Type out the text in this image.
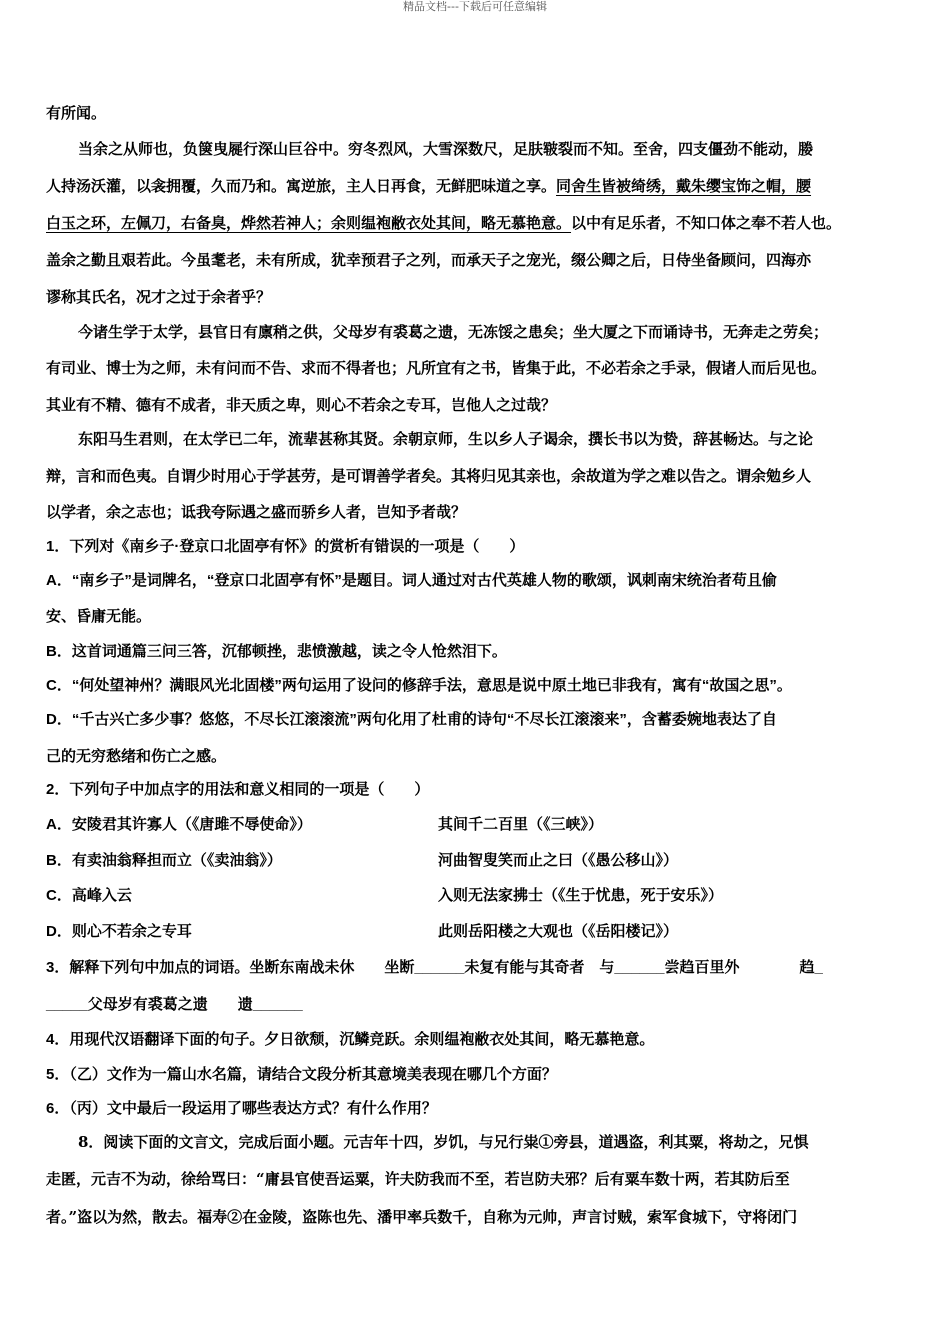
精品文档---下载后可任意编辑
有所闻。
当余之从师也，负箧曳屣行深山巨谷中。穷冬烈风，大雪深数尺，足肤皲裂而不知。至舍，四支僵劲不能动，媵
人持汤沃灌，以衾拥覆，久而乃和。寓逆旅，主人日再食，无鲜肥味道之享。同舍生皆被绮绣，戴朱缨宝饰之帽，腰
白玉之环，左佩刀，右备臭，烨然若神人；余则缊袍敝衣处其间，略无慕艳意。以中有足乐者，不知口体之奉不若人也。
盖余之勤且艰若此。今虽耄老，未有所成，犹幸预君子之列，而承天子之宠光，缀公卿之后，日侍坐备顾问，四海亦
谬称其氏名，况才之过于余者乎？
今诸生学于太学，县官日有廪稍之供，父母岁有裘葛之遗，无冻馁之患矣；坐大厦之下而诵诗书，无奔走之劳矣；
有司业、博士为之师，未有问而不告、求而不得者也；凡所宜有之书，皆集于此，不必若余之手录，假诸人而后见也。
其业有不精、德有不成者，非天质之卑，则心不若余之专耳，岂他人之过哉？
东阳马生君则，在太学已二年，流辈甚称其贤。余朝京师，生以乡人子谒余，撰长书以为贽，辞甚畅达。与之论
辩，言和而色夷。自谓少时用心于学甚劳，是可谓善学者矣。其将归见其亲也，余故道为学之难以告之。谓余勉乡人
以学者，余之志也；诋我夸际遇之盛而骄乡人者，岂知予者哉？
1．下列对《南乡子·登京口北固亭有怀》的赏析有错误的一项是（　　）
A．“南乡子”是词牌名，“登京口北固亭有怀”是题目。词人通过对古代英雄人物的歌颂，讽刺南宋统治者苟且偷
安、昏庸无能。
B．这首词通篇三问三答，沉郁顿挫，悲愤激越，读之令人怆然泪下。
C．“何处望神州？满眼风光北固楼”两句运用了设问的修辞手法，意思是说中原土地已非我有，寓有“故国之思”。
D．“千古兴亡多少事？悠悠，不尽长江滚滚流”两句化用了杜甫的诗句“不尽长江滚滚来”，含蓄委婉地表达了自
己的无穷愁绪和伤亡之感。
2．下列句子中加点字的用法和意义相同的一项是（　　）
A．安陵君其许寡人（《唐雎不辱使命》）	其间千二百里（《三峡》）
B．有卖油翁释担而立（《卖油翁》）	河曲智叟笑而止之曰（《愚公移山》）
C．高峰入云	入则无法家拂士（《生于忧患，死于安乐》）
D．则心不若余之专耳	此则岳阳楼之大观也（《岳阳楼记》）
3．解释下列句中加点的词语。坐断东南战未休　　坐断______未复有能与其奇者　与______尝趋百里外　　　　趋_
_____父母岁有裘葛之遗　　遗______
4．用现代汉语翻译下面的句子。夕日欲颓，沉鳞竞跃。余则缊袍敝衣处其间，略无慕艳意。
5．（乙）文作为一篇山水名篇，请结合文段分析其意境美表现在哪几个方面？
6．（丙）文中最后一段运用了哪些表达方式？有什么作用？
8．阅读下面的文言文，完成后面小题。元吉年十四，岁饥，与兄行粜①旁县，道遇盗，利其粟，将劫之，兄惧
走匿，元吉不为动，徐给骂曰：“庸县官使吾运粟，许夫防我而不至，若岂防夫邪？后有粟车数十两，若其防后至
者。”盗以为然，散去。福寿②在金陵，盗陈也先、潘甲率兵数千，自称为元帅，声言讨贼，索军食城下，守将闭门
